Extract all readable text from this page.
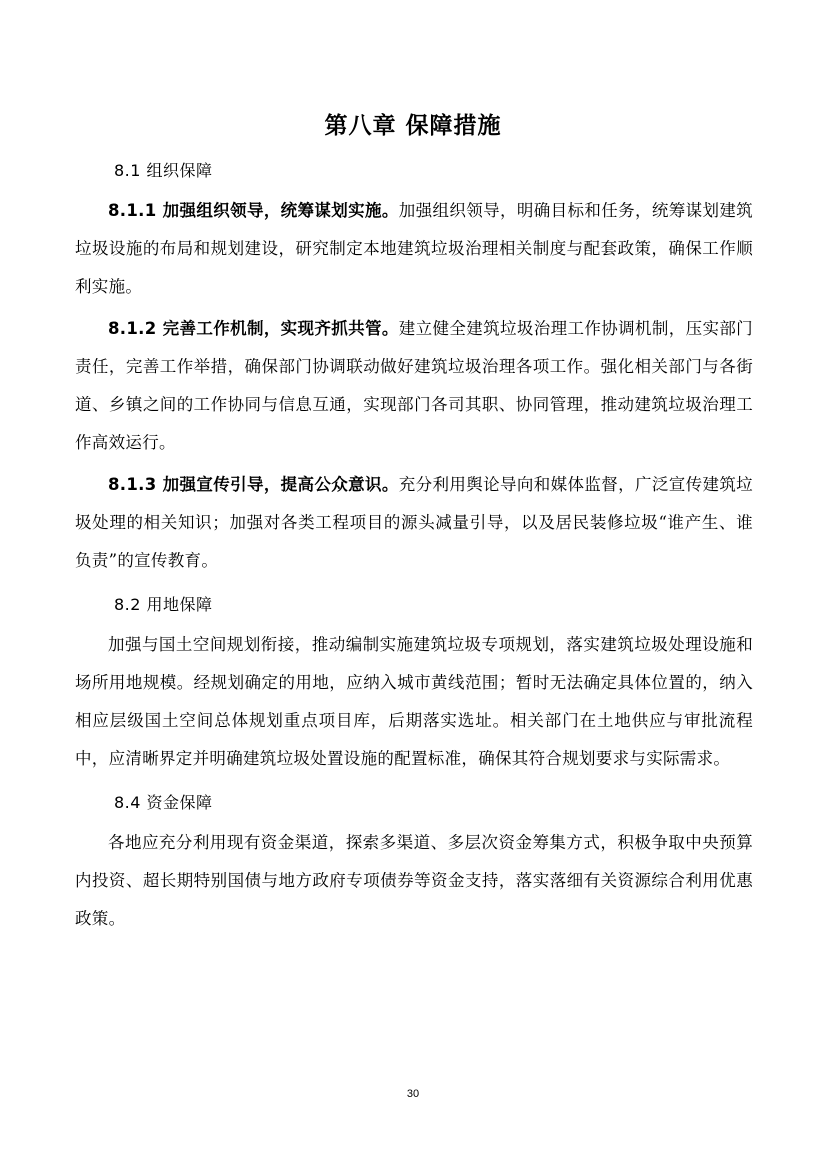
第八章 保障措施
8.1 组织保障

8.1.1 加强组织领导，统筹谋划实施。加强组织领导，明确目标和任务，统筹谋划建筑垃圾设施的布局和规划建设，研究制定本地建筑垃圾治理相关制度与配套政策，确保工作顺利实施。

8.1.2 完善工作机制，实现齐抓共管。建立健全建筑垃圾治理工作协调机制，压实部门责任，完善工作举措，确保部门协调联动做好建筑垃圾治理各项工作。强化相关部门与各街道、乡镇之间的工作协同与信息互通，实现部门各司其职、协同管理，推动建筑垃圾治理工作高效运行。

8.1.3 加强宣传引导，提高公众意识。充分利用舆论导向和媒体监督，广泛宣传建筑垃圾处理的相关知识；加强对各类工程项目的源头减量引导，以及居民装修垃圾“谁产生、谁负责”的宣传教育。

8.2 用地保障

加强与国土空间规划衔接，推动编制实施建筑垃圾专项规划，落实建筑垃圾处理设施和场所用地规模。经规划确定的用地，应纳入城市黄线范围；暂时无法确定具体位置的，纳入相应层级国土空间总体规划重点项目库，后期落实选址。相关部门在土地供应与审批流程中，应清晰界定并明确建筑垃圾处置设施的配置标准，确保其符合规划要求与实际需求。

8.4 资金保障

各地应充分利用现有资金渠道，探索多渠道、多层次资金筹集方式，积极争取中央预算内投资、超长期特别国债与地方政府专项债券等资金支持，落实落细有关资源综合利用优惠政策。

30
